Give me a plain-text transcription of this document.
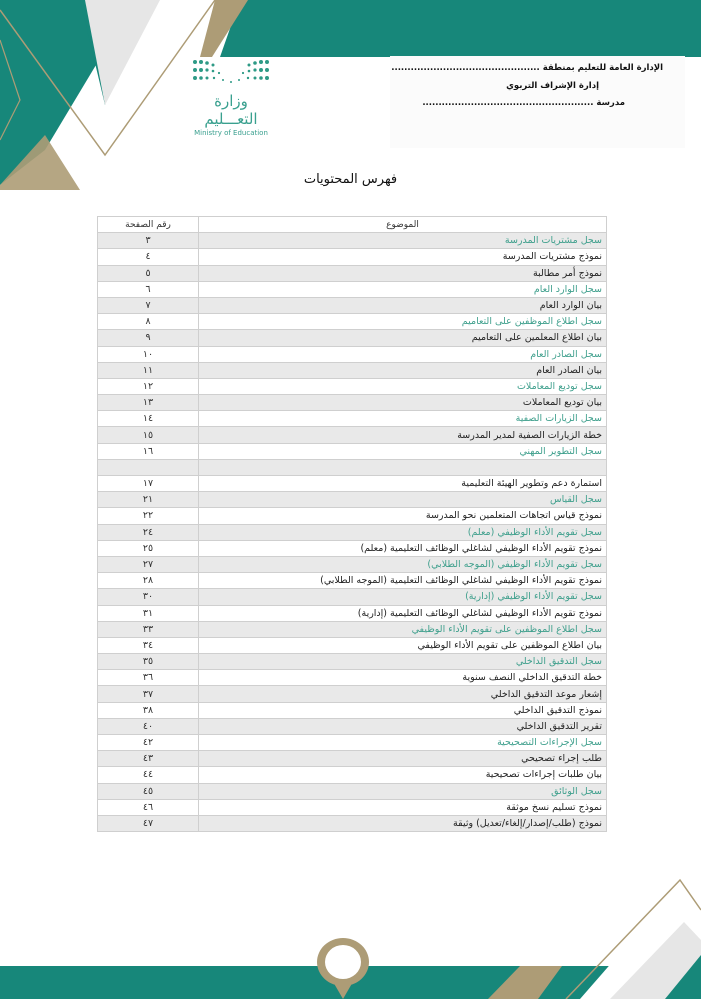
الإدارة العامة للتعليم بمنطقة ..............................................
إدارة الإشراف التربوي
مدرسة .....................................................
وزارة التعـــليم
Ministry of Education
فهرس المحتويات
الموضوع	رقم الصفحة
سجل مشتريات المدرسة	٣
نموذج مشتريات المدرسة	٤
نموذج أمر مطالبة	٥
سجل الوارد العام	٦
بيان الوارد العام	٧
سجل اطلاع الموظفين على التعاميم	٨
بيان اطلاع المعلمين على التعاميم	٩
سجل الصادر العام	١٠
بيان الصادر العام	١١
سجل توديع المعاملات	١٢
بيان توديع المعاملات	١٣
سجل الزيارات الصفية	١٤
خطة الزيارات الصفية لمدير المدرسة	١٥
سجل التطوير المهني	١٦

استمارة دعم وتطوير الهيئة التعليمية	١٧
سجل القياس	٢١
نموذج قياس اتجاهات المتعلمين نحو المدرسة	٢٢
سجل تقويم الأداء الوظيفي (معلم)	٢٤
نموذج تقويم الأداء الوظيفي لشاغلي الوظائف التعليمية (معلم)	٢٥
سجل تقويم الأداء الوظيفي (الموجه الطلابي)	٢٧
نموذج تقويم الأداء الوظيفي لشاغلي الوظائف التعليمية (الموجه الطلابي)	٢٨
سجل تقويم الأداء الوظيفي (إدارية)	٣٠
نموذج تقويم الأداء الوظيفي لشاغلي الوظائف التعليمية (إدارية)	٣١
سجل اطلاع الموظفين على تقويم الأداء الوظيفي	٣٣
بيان اطلاع الموظفين على تقويم الأداء الوظيفي	٣٤
سجل التدقيق الداخلي	٣٥
خطة التدقيق الداخلي النصف سنوية	٣٦
إشعار موعد التدقيق الداخلي	٣٧
نموذج التدقيق الداخلي	٣٨
تقرير التدقيق الداخلي	٤٠
سجل الإجراءات التصحيحية	٤٢
طلب إجراء تصحيحي	٤٣
بيان طلبات إجراءات تصحيحية	٤٤
سجل الوثائق	٤٥
نموذج تسليم نسخ موثقة	٤٦
نموذج (طلب/إصدار/إلغاء/تعديل) وثيقة	٤٧
